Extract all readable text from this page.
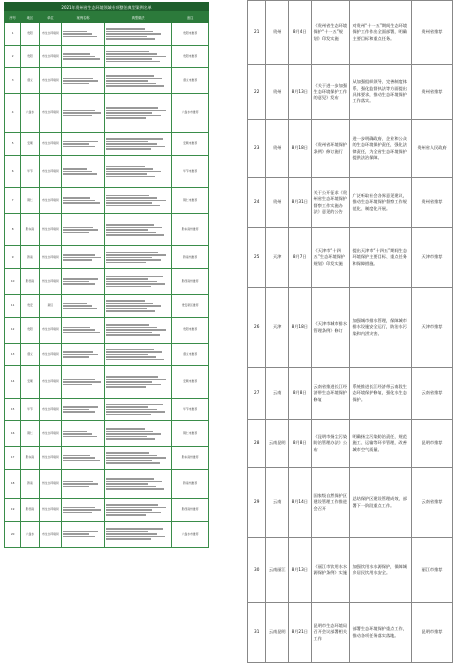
2021年贵州省生态环境领域专项整治典型案例名单
序号	地区	单位	案例名称	典型做法	备注
1	贵阳	市生态环境局			贵阳市推荐
2	贵阳	市生态环境局			贵阳市推荐
3	遵义	市生态环境局			遵义市推荐
4	六盘水	市生态环境局			六盘水市推荐
5	安顺	市生态环境局			安顺市推荐
6	毕节	市生态环境局			毕节市推荐
7	铜仁	市生态环境局			铜仁市推荐
8	黔东南	州生态环境局			黔东南州推荐
9	黔南	州生态环境局			黔南州推荐
10	黔西南	州生态环境局			黔西南州推荐
11	贵安	新区			贵安新区推荐
12	贵阳	市生态环境局			贵阳市推荐
13	遵义	市生态环境局			遵义市推荐
14	安顺	市生态环境局			安顺市推荐
15	毕节	市生态环境局			毕节市推荐
16	铜仁	市生态环境局			铜仁市推荐
17	黔东南	州生态环境局			黔东南州推荐
18	黔南	州生态环境局			黔南州推荐
19	黔西南	州生态环境局			黔西南州推荐
20	六盘水	市生态环境局			六盘水市推荐
21	贵州	8月4日	《贵州省生态环境保护“十一五”规划》印发实施	对贵州“十一五”期间生态环境保护工作作出全面部署，明确主要目标和重点任务。	贵州省推荐
22	贵州	8月13日	《关于进一步加强生态环境保护工作的意见》发布	从加强组织领导、完善制度体系、强化监督执法等方面提出具体要求，推动生态环境保护工作落实。	贵州省推荐
23	贵州	8月18日	《贵州省环境保护条例》修订施行	进一步明确政府、企业和公众的生态环境保护责任，强化法律责任，为全省生态环境保护提供法治保障。	贵州省人民政府
24	贵州	8月31日	关于公开征求《贵州省生态环境保护督察工作实施办法》意见的公告	广泛听取社会各界意见建议，推动生态环境保护督察工作规范化、制度化开展。	贵州省推荐
25	天津	8月7日	《天津市“十四五”生态环境保护规划》印发实施	提出天津市“十四五”期间生态环境保护主要目标、重点任务和保障措施。	天津市推荐
26	天津	8月18日	《天津市城市排水管理条例》修订	加强城市排水管理，保障城市排水设施安全运行，防治水污染和内涝灾害。	天津市推荐
27	云南	8月8日	云南省推进长江经济带生态环境保护修复	系统推进长江经济带云南段生态环境保护修复，强化水生态保护。	云南省推荐
28	云南昆明	8月8日	《昆明市扬尘污染防治管理办法》公布	明确扬尘污染防治责任，规范施工、运输等环节管理，改善城市空气质量。	昆明市推荐
29	云南	8月14日	国家级自然保护区建设管理工作推进会召开	总结保护区建设管理成效，部署下一阶段重点工作。	云南省推荐
30	云南丽江	8月13日	《丽江市饮用水水源保护条例》实施	加强饮用水水源保护，保障城乡居民饮用水安全。	丽江市推荐
31	云南昆明	8月21日	昆明市生态环境局召开会议部署相关工作	部署生态环境保护重点工作，推动各项任务落实落地。	昆明市推荐
